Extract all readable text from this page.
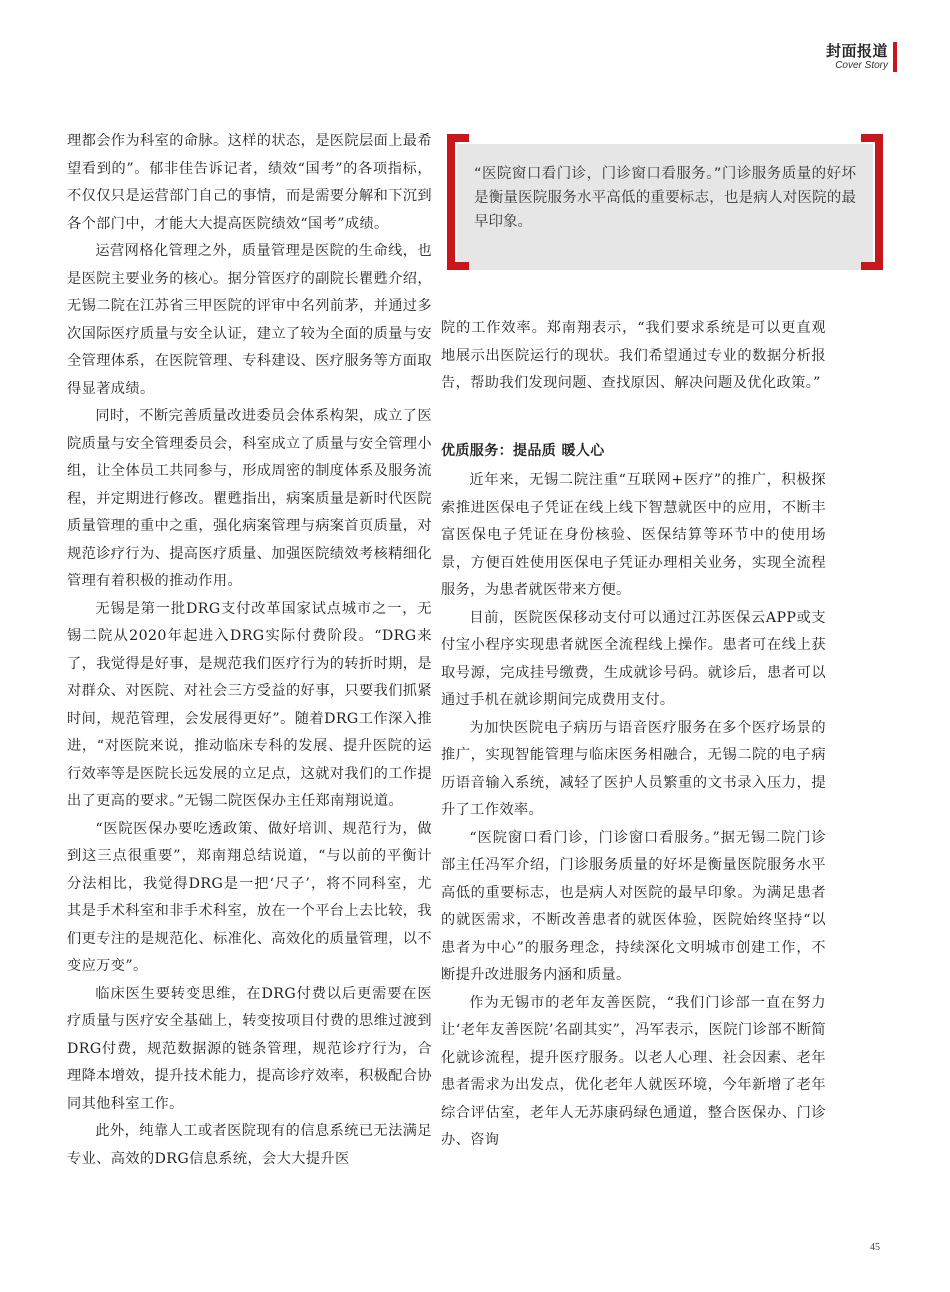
封面报道
Cover Story
“医院窗口看门诊，门诊窗口看服务。”门诊服务质量的好坏是衡量医院服务水平高低的重要标志，也是病人对医院的最早印象。

理都会作为科室的命脉。这样的状态，是医院层面上最希望看到的”。郁非佳告诉记者，绩效“国考”的各项指标，不仅仅只是运营部门自己的事情，而是需要分解和下沉到各个部门中，才能大大提高医院绩效“国考”成绩。

运营网格化管理之外，质量管理是医院的生命线，也是医院主要业务的核心。据分管医疗的副院长瞿甦介绍，无锡二院在江苏省三甲医院的评审中名列前茅，并通过多次国际医疗质量与安全认证，建立了较为全面的质量与安全管理体系，在医院管理、专科建设、医疗服务等方面取得显著成绩。

同时，不断完善质量改进委员会体系构架，成立了医院质量与安全管理委员会，科室成立了质量与安全管理小组，让全体员工共同参与，形成周密的制度体系及服务流程，并定期进行修改。瞿甦指出，病案质量是新时代医院质量管理的重中之重，强化病案管理与病案首页质量，对规范诊疗行为、提高医疗质量、加强医院绩效考核精细化管理有着积极的推动作用。

无锡是第一批DRG支付改革国家试点城市之一，无锡二院从2020年起进入DRG实际付费阶段。“DRG来了，我觉得是好事，是规范我们医疗行为的转折时期，是对群众、对医院、对社会三方受益的好事，只要我们抓紧时间，规范管理，会发展得更好”。随着DRG工作深入推进，“对医院来说，推动临床专科的发展、提升医院的运行效率等是医院长远发展的立足点，这就对我们的工作提出了更高的要求。”无锡二院医保办主任郑南翔说道。

“医院医保办要吃透政策、做好培训、规范行为，做到这三点很重要”，郑南翔总结说道，“与以前的平衡计分法相比，我觉得DRG是一把‘尺子’，将不同科室，尤其是手术科室和非手术科室，放在一个平台上去比较，我们更专注的是规范化、标准化、高效化的质量管理，以不变应万变”。

临床医生要转变思维，在DRG付费以后更需要在医疗质量与医疗安全基础上，转变按项目付费的思维过渡到DRG付费，规范数据源的链条管理，规范诊疗行为，合理降本增效，提升技术能力，提高诊疗效率，积极配合协同其他科室工作。

此外，纯靠人工或者医院现有的信息系统已无法满足专业、高效的DRG信息系统，会大大提升医

院的工作效率。郑南翔表示，“我们要求系统是可以更直观地展示出医院运行的现状。我们希望通过专业的数据分析报告，帮助我们发现问题、查找原因、解决问题及优化政策。”

优质服务：提品质 暖人心

近年来，无锡二院注重“互联网+医疗”的推广，积极探索推进医保电子凭证在线上线下智慧就医中的应用，不断丰富医保电子凭证在身份核验、医保结算等环节中的使用场景，方便百姓使用医保电子凭证办理相关业务，实现全流程服务，为患者就医带来方便。

目前，医院医保移动支付可以通过江苏医保云APP或支付宝小程序实现患者就医全流程线上操作。患者可在线上获取号源，完成挂号缴费，生成就诊号码。就诊后，患者可以通过手机在就诊期间完成费用支付。

为加快医院电子病历与语音医疗服务在多个医疗场景的推广，实现智能管理与临床医务相融合，无锡二院的电子病历语音输入系统，减轻了医护人员繁重的文书录入压力，提升了工作效率。

“医院窗口看门诊，门诊窗口看服务。”据无锡二院门诊部主任冯军介绍，门诊服务质量的好坏是衡量医院服务水平高低的重要标志，也是病人对医院的最早印象。为满足患者的就医需求，不断改善患者的就医体验，医院始终坚持“以患者为中心”的服务理念，持续深化文明城市创建工作，不断提升改进服务内涵和质量。

作为无锡市的老年友善医院，“我们门诊部一直在努力让‘老年友善医院’名副其实”，冯军表示，医院门诊部不断简化就诊流程，提升医疗服务。以老人心理、社会因素、老年患者需求为出发点，优化老年人就医环境，今年新增了老年综合评估室，老年人无苏康码绿色通道，整合医保办、门诊办、咨询

45
